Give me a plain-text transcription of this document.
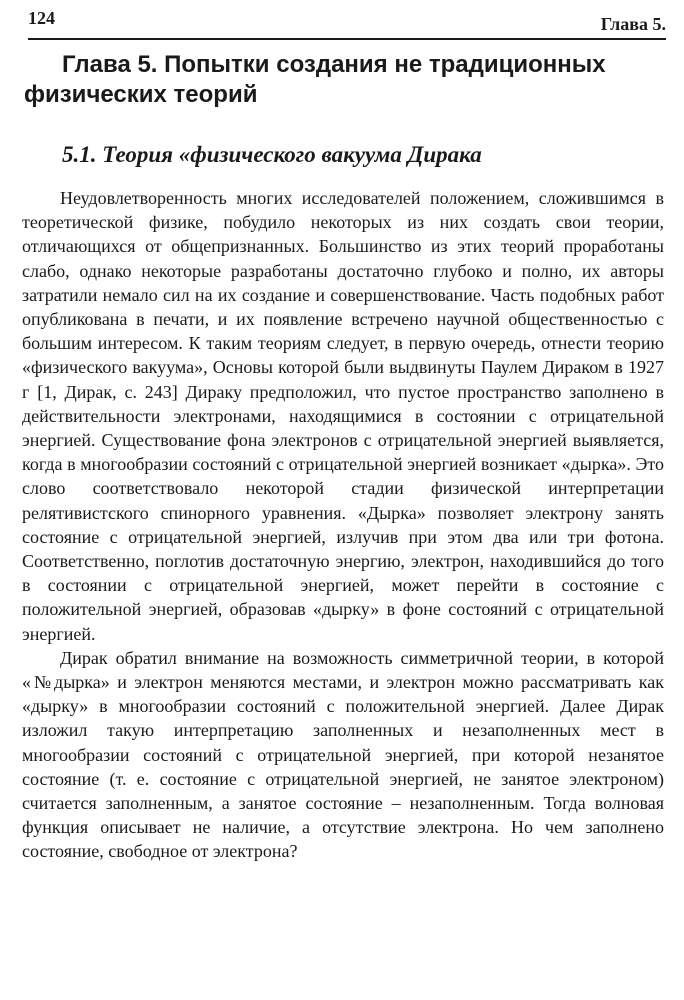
124	Глава 5.
Глава 5. Попытки создания не традиционных физических теорий
5.1. Теория «физического вакуума Дирака

Неудовлетворенность многих исследователей положением, сложившимся в теоретической физике, побудило некоторых из них создать свои теории, отличающихся от общепризнанных. Большинство из этих теорий проработаны слабо, однако некоторые разработаны достаточно глубоко и полно, их авторы затратили немало сил на их создание и совершенствование. Часть подобных работ опубликована в печати, и их появление встречено научной общественностью с большим интересом. К таким теориям следует, в первую очередь, отнести теорию «физического вакуума», Основы которой были выдвинуты Паулем Дираком в 1927 г [1, Дирак, с. 243] Дираку предположил, что пустое пространство заполнено в действительности электронами, находящимися в состоянии с отрицательной энергией. Существование фона электронов с отрицательной энергией выявляется, когда в многообразии состояний с отрицательной энергией возникает «дырка». Это слово соответствовало некоторой стадии физической интерпретации релятивистского спинорного уравнения. «Дырка» позволяет электрону занять состояние с отрицательной энергией, излучив при этом два или три фотона. Соответственно, поглотив достаточную энергию, электрон, находившийся до того в состоянии с отрицательной энергией, может перейти в состояние с положительной энергией, образовав «дырку» в фоне состояний с отрицательной энергией.

Дирак обратил внимание на возможность симметричной теории, в которой «№дырка» и электрон меняются местами, и электрон можно рассматривать как «дырку» в многообразии состояний с положительной энергией. Далее Дирак изложил такую интерпретацию заполненных и незаполненных мест в многообразии состояний с отрицательной энергией, при которой незанятое состояние (т. е. состояние с отрицательной энергией, не занятое электроном) считается заполненным, а занятое состояние – незаполненным. Тогда волновая функция описывает не наличие, а отсутствие электрона. Но чем заполнено состояние, свободное от электрона?
